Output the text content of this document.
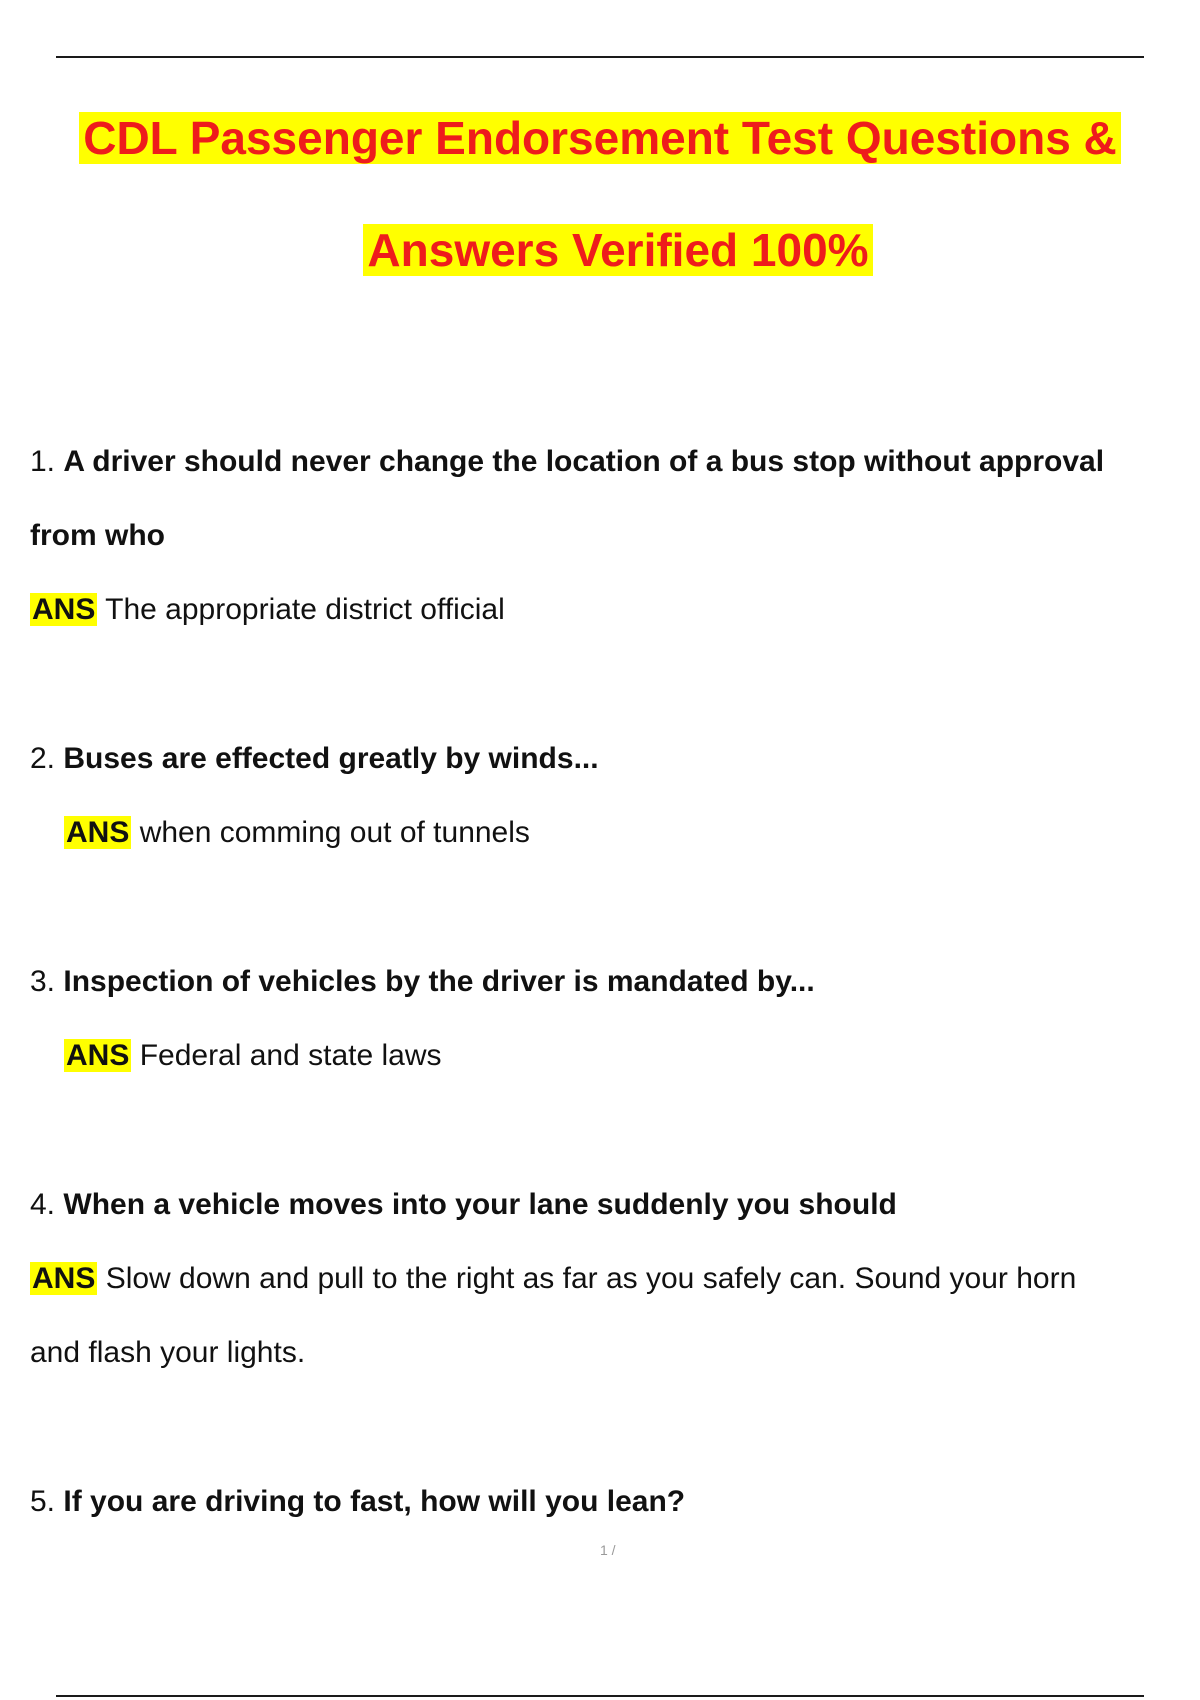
CDL Passenger Endorsement Test Questions &
Answers Verified 100%
1. A driver should never change the location of a bus stop without approval
from who
ANS The appropriate district official
2. Buses are effected greatly by winds...
ANS when comming out of tunnels
3. Inspection of vehicles by the driver is mandated by...
ANS Federal and state laws
4. When a vehicle moves into your lane suddenly you should
ANS Slow down and pull to the right as far as you safely can. Sound your horn
and flash your lights.
5. If you are driving to fast, how will you lean?
1 /
